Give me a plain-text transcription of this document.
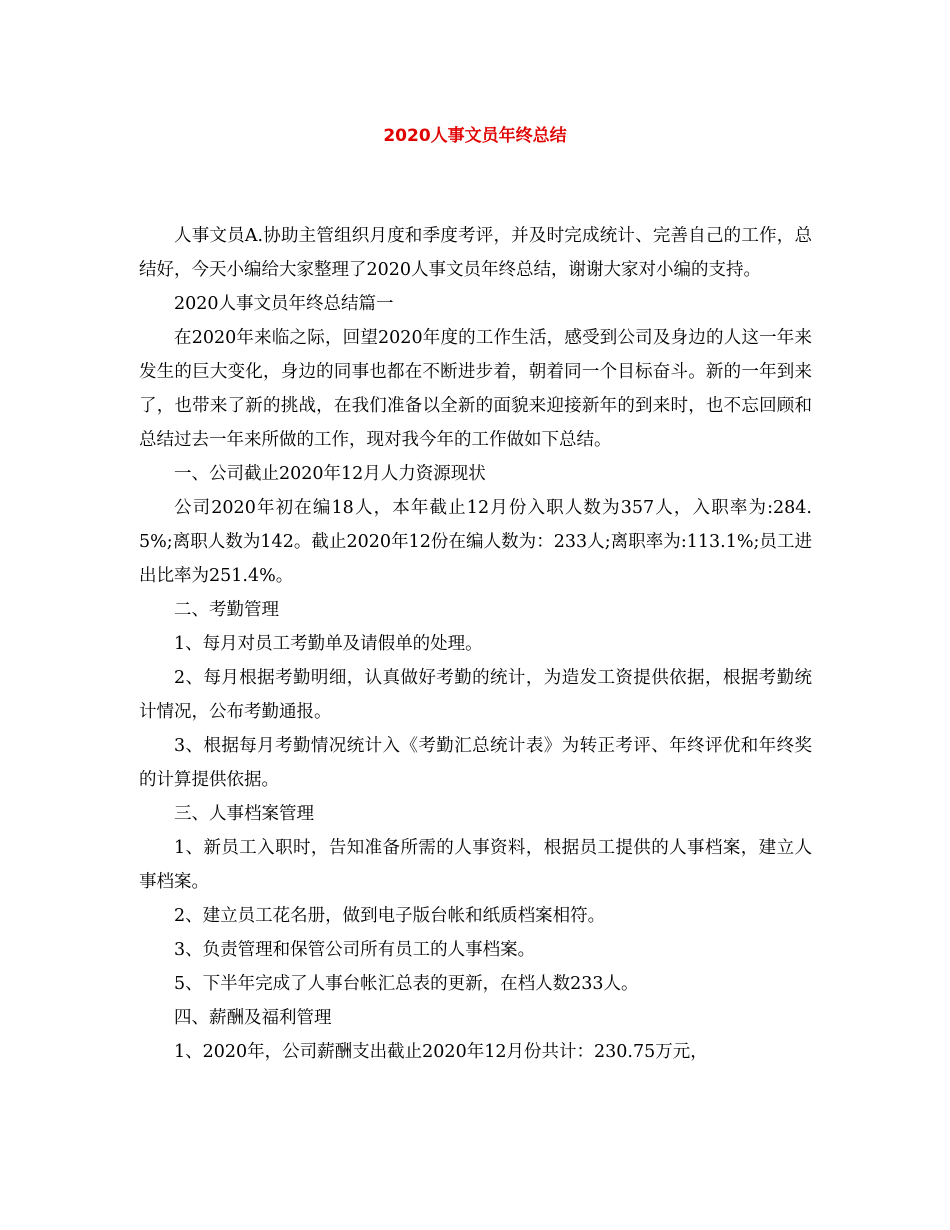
2020人事文员年终总结

人事文员A.协助主管组织月度和季度考评，并及时完成统计、完善自己的工作，总结好，今天小编给大家整理了2020人事文员年终总结，谢谢大家对小编的支持。

2020人事文员年终总结篇一

在2020年来临之际，回望2020年度的工作生活，感受到公司及身边的人这一年来发生的巨大变化，身边的同事也都在不断进步着，朝着同一个目标奋斗。新的一年到来了，也带来了新的挑战，在我们准备以全新的面貌来迎接新年的到来时，也不忘回顾和总结过去一年来所做的工作，现对我今年的工作做如下总结。

一、公司截止2020年12月人力资源现状

公司2020年初在编18人，本年截止12月份入职人数为357人，入职率为:284.5%;离职人数为142。截止2020年12份在编人数为：233人;离职率为:113.1%;员工进出比率为251.4%。

二、考勤管理

1、每月对员工考勤单及请假单的处理。

2、每月根据考勤明细，认真做好考勤的统计，为造发工资提供依据，根据考勤统计情况，公布考勤通报。

3、根据每月考勤情况统计入《考勤汇总统计表》为转正考评、年终评优和年终奖的计算提供依据。

三、人事档案管理

1、新员工入职时，告知准备所需的人事资料，根据员工提供的人事档案，建立人事档案。

2、建立员工花名册，做到电子版台帐和纸质档案相符。

3、负责管理和保管公司所有员工的人事档案。

5、下半年完成了人事台帐汇总表的更新，在档人数233人。

四、薪酬及福利管理

1、2020年，公司薪酬支出截止2020年12月份共计：230.75万元，
